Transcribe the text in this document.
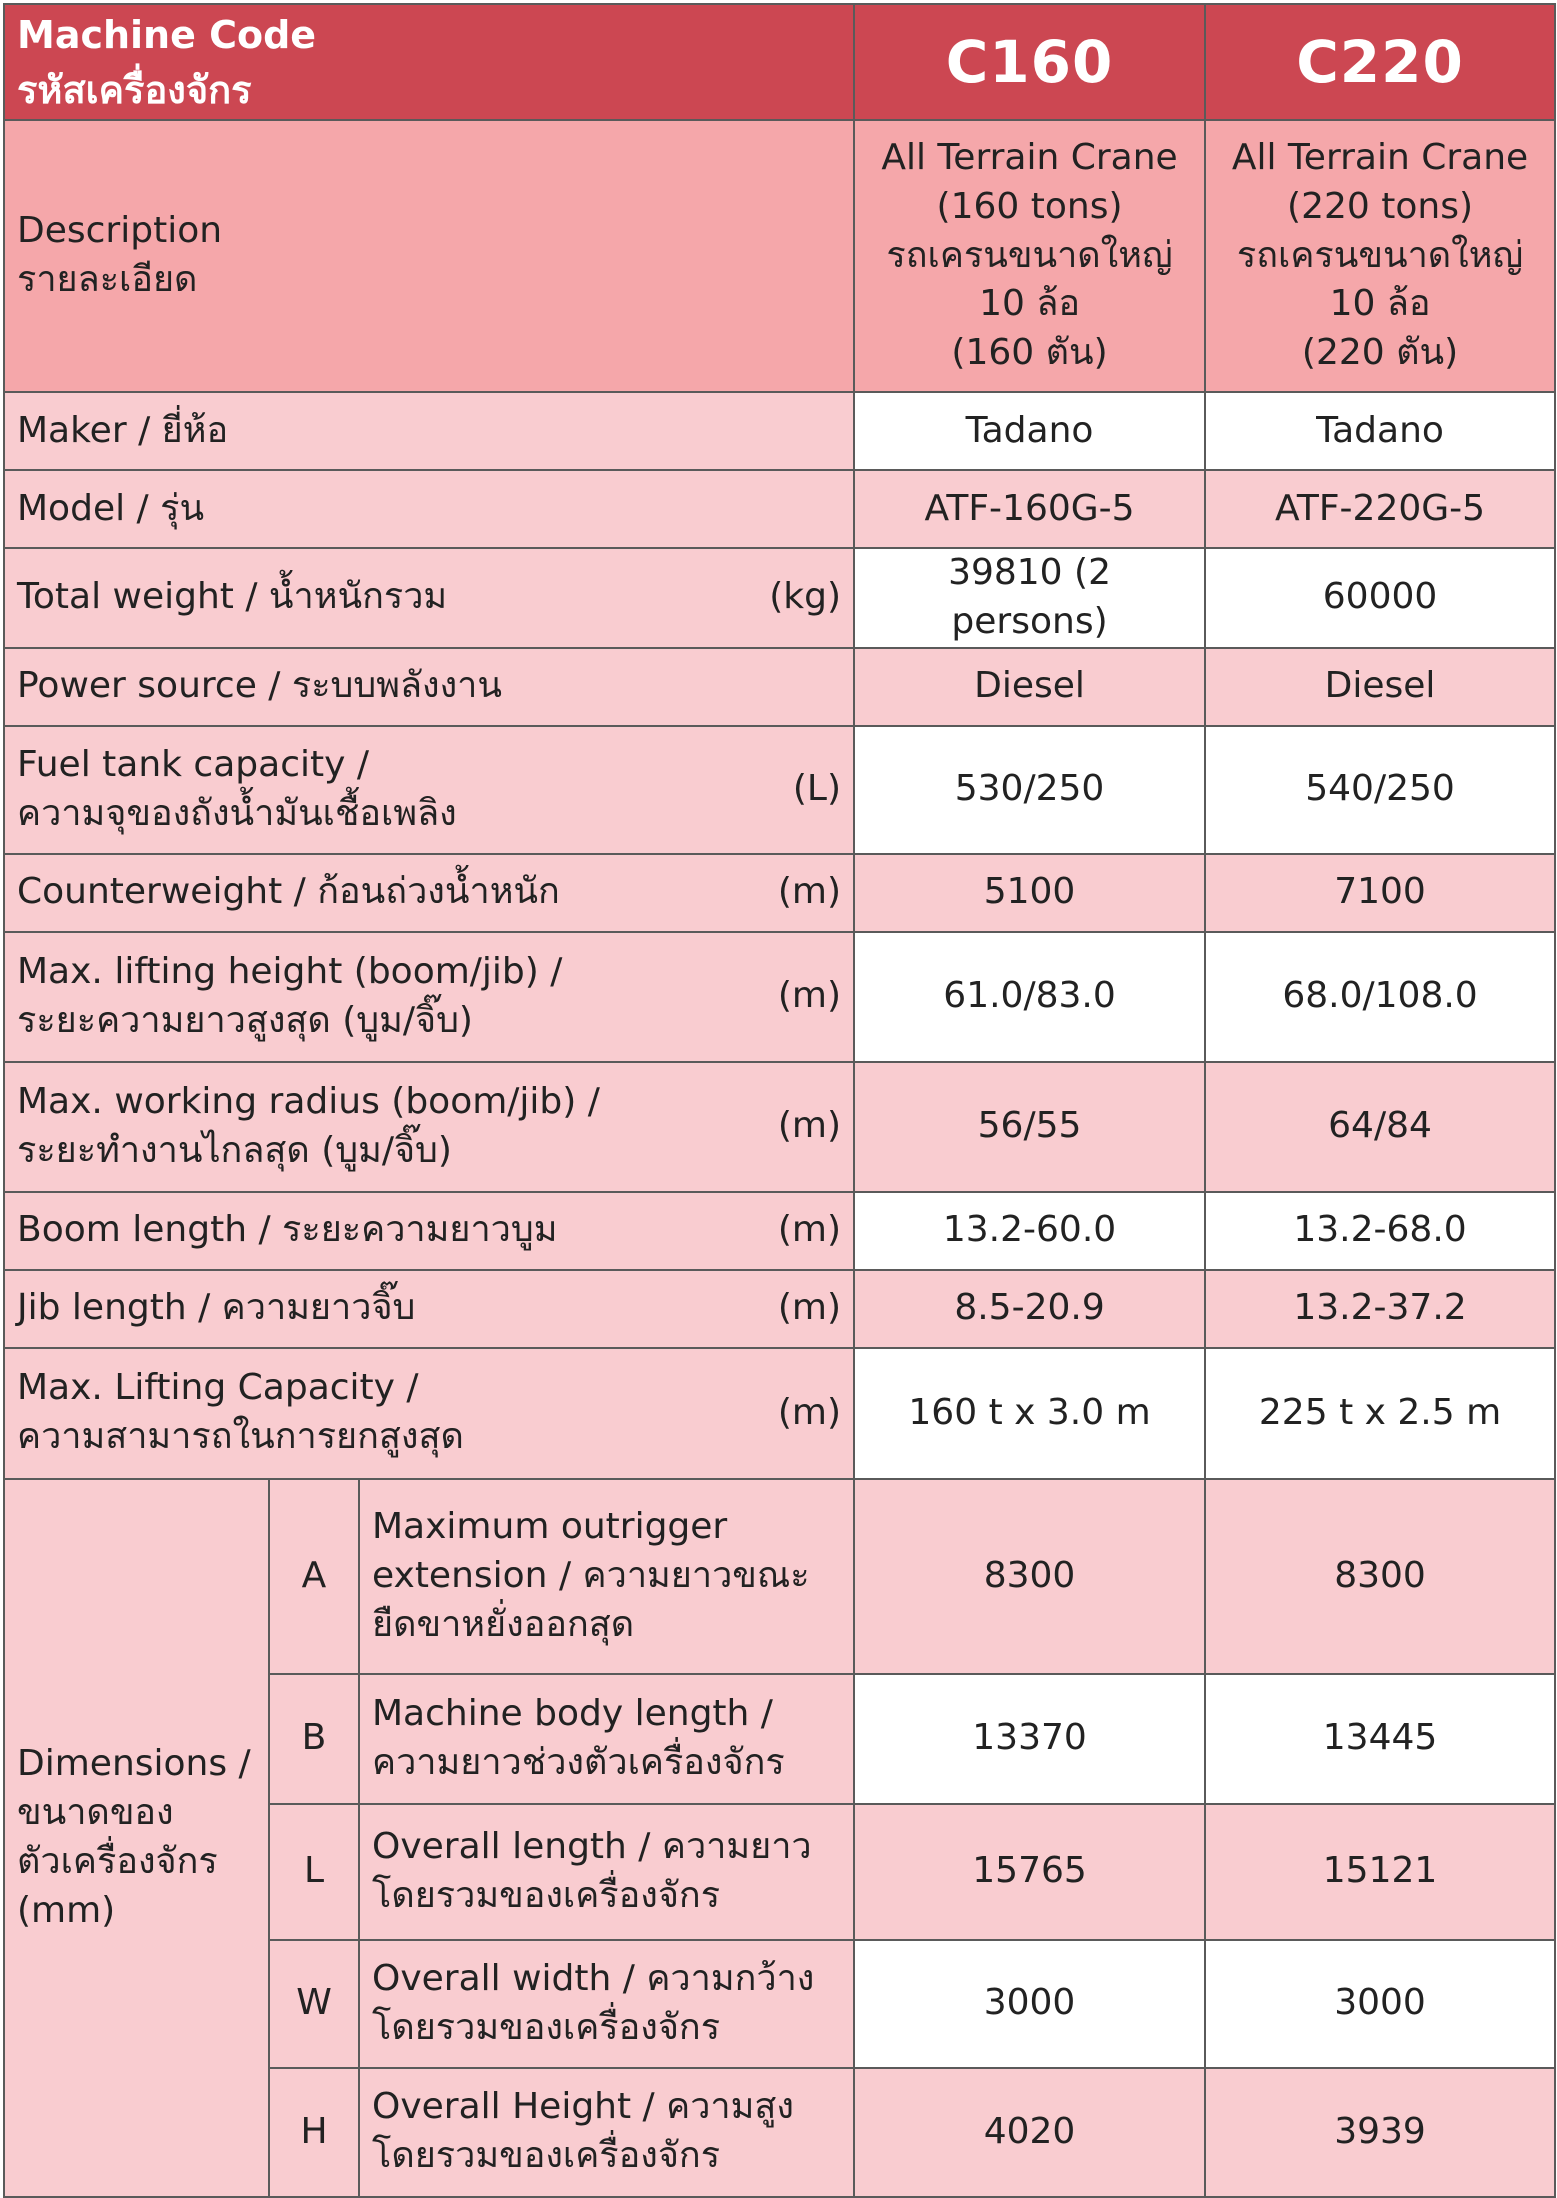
Machine Code
รหัสเครื่องจักร				C160	C220

Description
รายละเอียด				All Terrain Crane
(160 tons)
รถเครนขนาดใหญ่
10 ล้อ
(160 ตัน)	All Terrain Crane
(220 tons)
รถเครนขนาดใหญ่
10 ล้อ
(220 ตัน)

Maker / ยี่ห้อ				Tadano	Tadano

Model / รุ่น				ATF-160G-5	ATF-220G-5

Total weight / น้ำหนักรวม			(kg)	39810 (2 persons)	60000

Power source / ระบบพลังงาน				Diesel	Diesel

Fuel tank capacity /
ความจุของถังน้ำมันเชื้อเพลิง			(L)	530/250	540/250

Counterweight / ก้อนถ่วงน้ำหนัก			(m)	5100	7100

Max. lifting height (boom/jib) /
ระยะความยาวสูงสุด (บูม/จิ๊บ)			(m)	61.0/83.0	68.0/108.0

Max. working radius (boom/jib) /
ระยะทำงานไกลสุด (บูม/จิ๊บ)			(m)	56/55	64/84

Boom length / ระยะความยาวบูม			(m)	13.2-60.0	13.2-68.0

Jib length / ความยาวจิ๊บ			(m)	8.5-20.9	13.2-37.2

Max. Lifting Capacity /
ความสามารถในการยกสูงสุด			(m)	160 t x 3.0 m	225 t x 2.5 m

Dimensions /
ขนาดของ
ตัวเครื่องจักร
(mm)	A	Maximum outrigger
extension / ความยาวขณะ
ยืดขาหยั่งออกสุด		8300	8300
	B	Machine body length /
ความยาวช่วงตัวเครื่องจักร		13370	13445
	L	Overall length / ความยาว
โดยรวมของเครื่องจักร		15765	15121
	W	Overall width / ความกว้าง
โดยรวมของเครื่องจักร		3000	3000
	H	Overall Height / ความสูง
โดยรวมของเครื่องจักร		4020	3939
